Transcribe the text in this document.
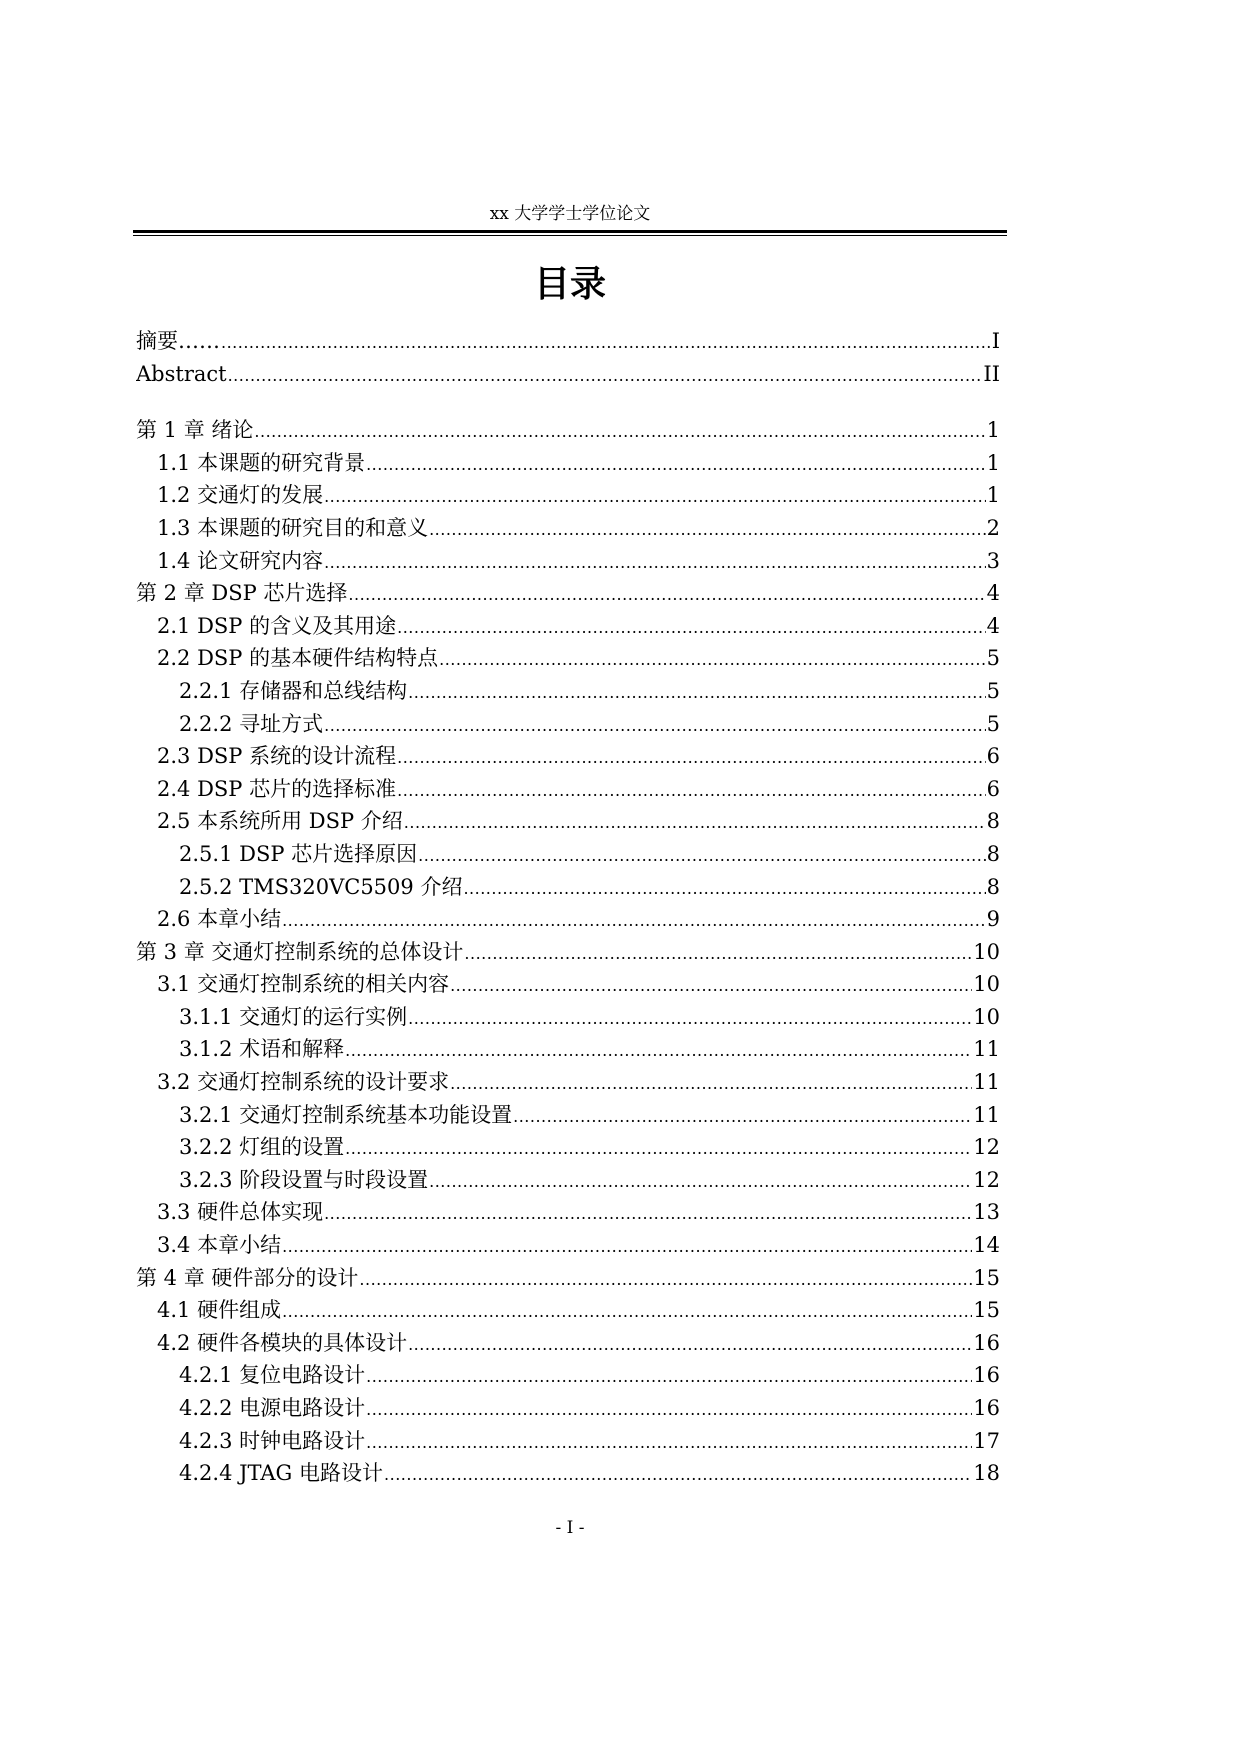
xx 大学学士学位论文
目录
摘要…… .....	I
Abstract .....	II
第 1 章 绪论 .....	1
1.1 本课题的研究背景 .....	1
1.2 交通灯的发展 .....	1
1.3 本课题的研究目的和意义 .....	2
1.4 论文研究内容 .....	3
第 2 章 DSP 芯片选择 .....	4
2.1 DSP 的含义及其用途 .....	4
2.2 DSP 的基本硬件结构特点 .....	5
2.2.1 存储器和总线结构 .....	5
2.2.2 寻址方式 .....	5
2.3 DSP 系统的设计流程 .....	6
2.4 DSP 芯片的选择标准 .....	6
2.5 本系统所用 DSP 介绍 .....	8
2.5.1 DSP 芯片选择原因 .....	8
2.5.2 TMS320VC5509 介绍 .....	8
2.6 本章小结 .....	9
第 3 章 交通灯控制系统的总体设计 .....	10
3.1 交通灯控制系统的相关内容 .....	10
3.1.1 交通灯的运行实例 .....	10
3.1.2 术语和解释 .....	11
3.2 交通灯控制系统的设计要求 .....	11
3.2.1 交通灯控制系统基本功能设置 .....	11
3.2.2 灯组的设置 .....	12
3.2.3 阶段设置与时段设置 .....	12
3.3 硬件总体实现 .....	13
3.4 本章小结 .....	14
第 4 章 硬件部分的设计 .....	15
4.1 硬件组成 .....	15
4.2 硬件各模块的具体设计 .....	16
4.2.1 复位电路设计 .....	16
4.2.2 电源电路设计 .....	16
4.2.3 时钟电路设计 .....	17
4.2.4 JTAG 电路设计 .....	18
- I -
